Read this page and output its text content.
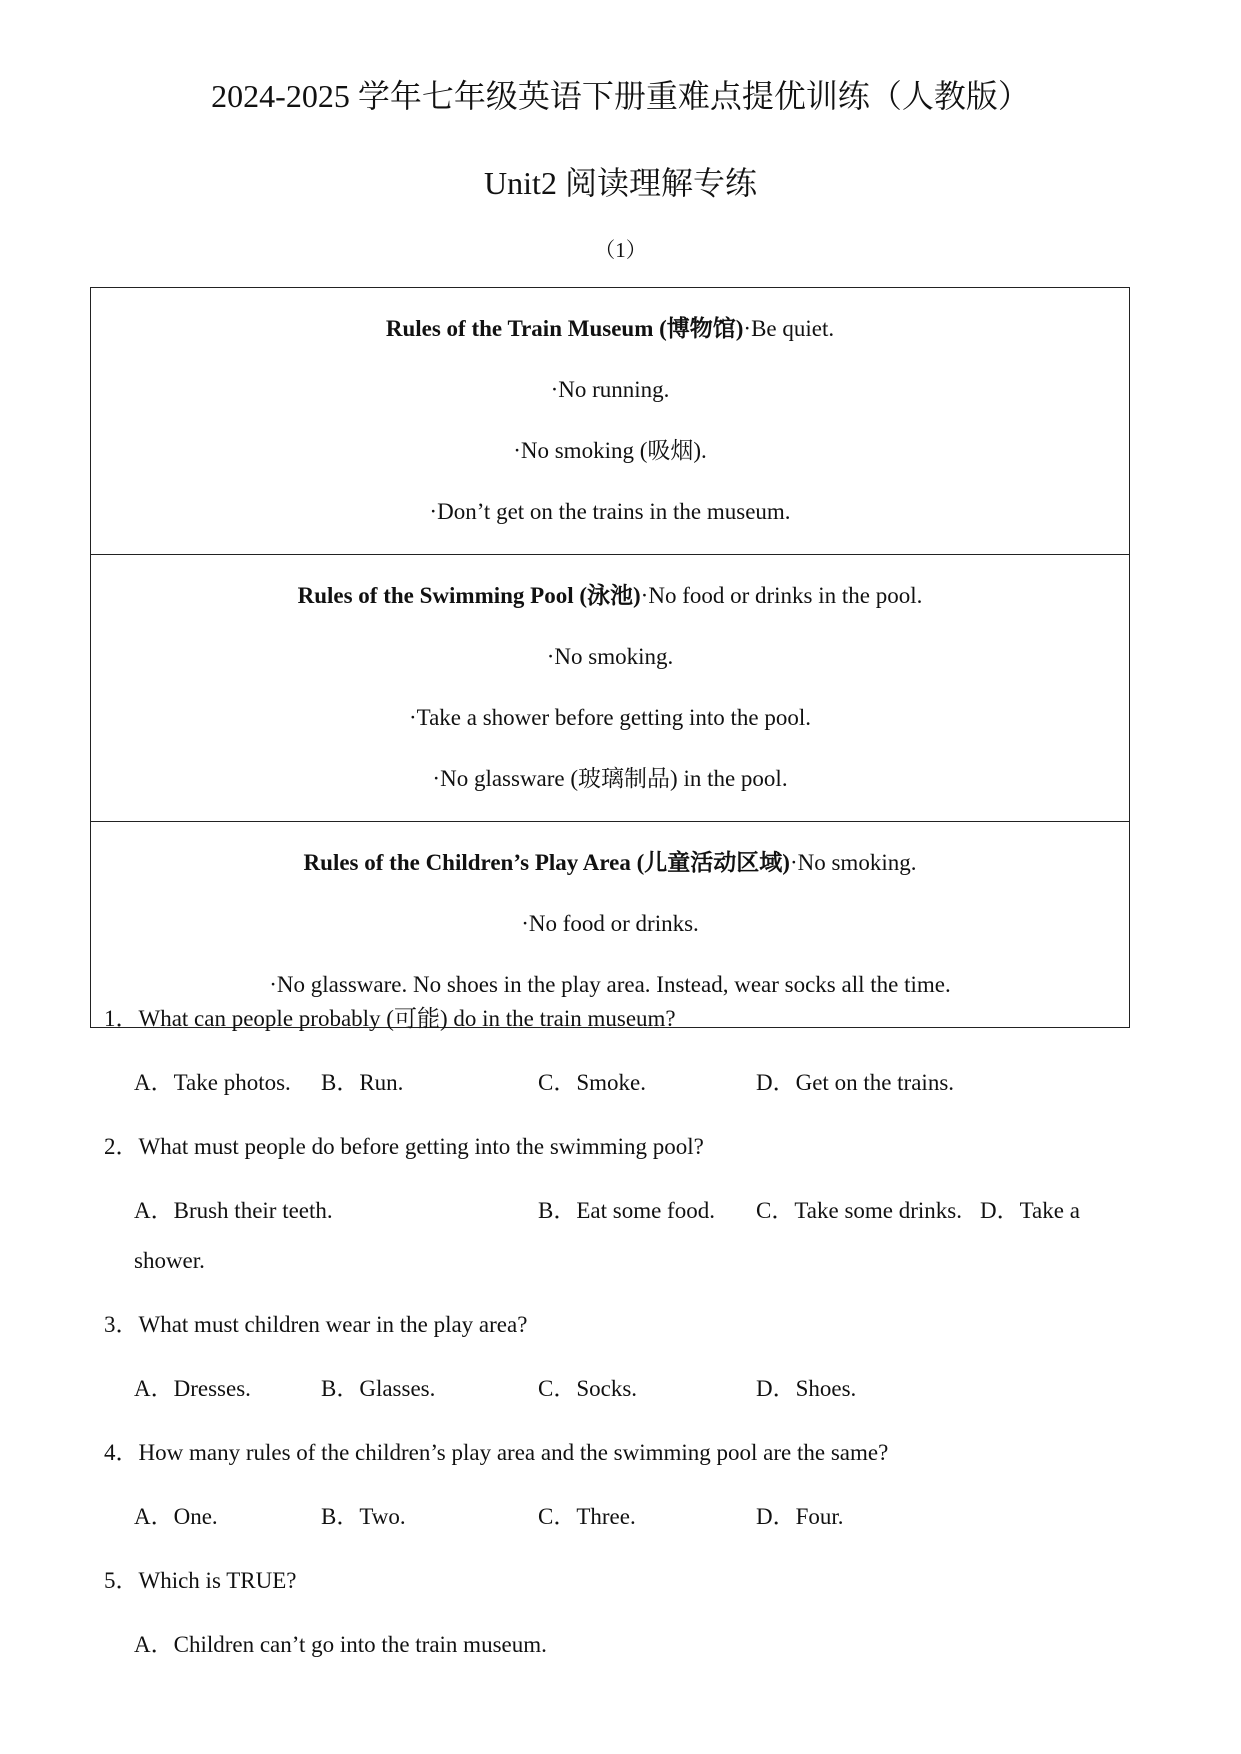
2024-2025 学年七年级英语下册重难点提优训练（人教版）
Unit2 阅读理解专练
（1）
Rules of the Train Museum (博物馆)·Be quiet.
·No running.
·No smoking (吸烟).
·Don’t get on the trains in the museum.

Rules of the Swimming Pool (泳池)·No food or drinks in the pool.
·No smoking.
·Take a shower before getting into the pool.
·No glassware (玻璃制品) in the pool.

Rules of the Children’s Play Area (儿童活动区域)·No smoking.
·No food or drinks.
·No glassware. No shoes in the play area. Instead, wear socks all the time.

1．What can people probably (可能) do in the train museum?

A．Take photos. B．Run.	C．Smoke.	D．Get on the trains.

2．What must people do before getting into the swimming pool?

A．Brush their teeth.	B．Eat some food. C．Take some drinks. D．Take a

shower.

3．What must children wear in the play area?

A．Dresses.	B．Glasses.	C．Socks.	D．Shoes.

4．How many rules of the children’s play area and the swimming pool are the same?

A．One.	B．Two.	C．Three.	D．Four.

5．Which is TRUE?

A．Children can’t go into the train museum.
